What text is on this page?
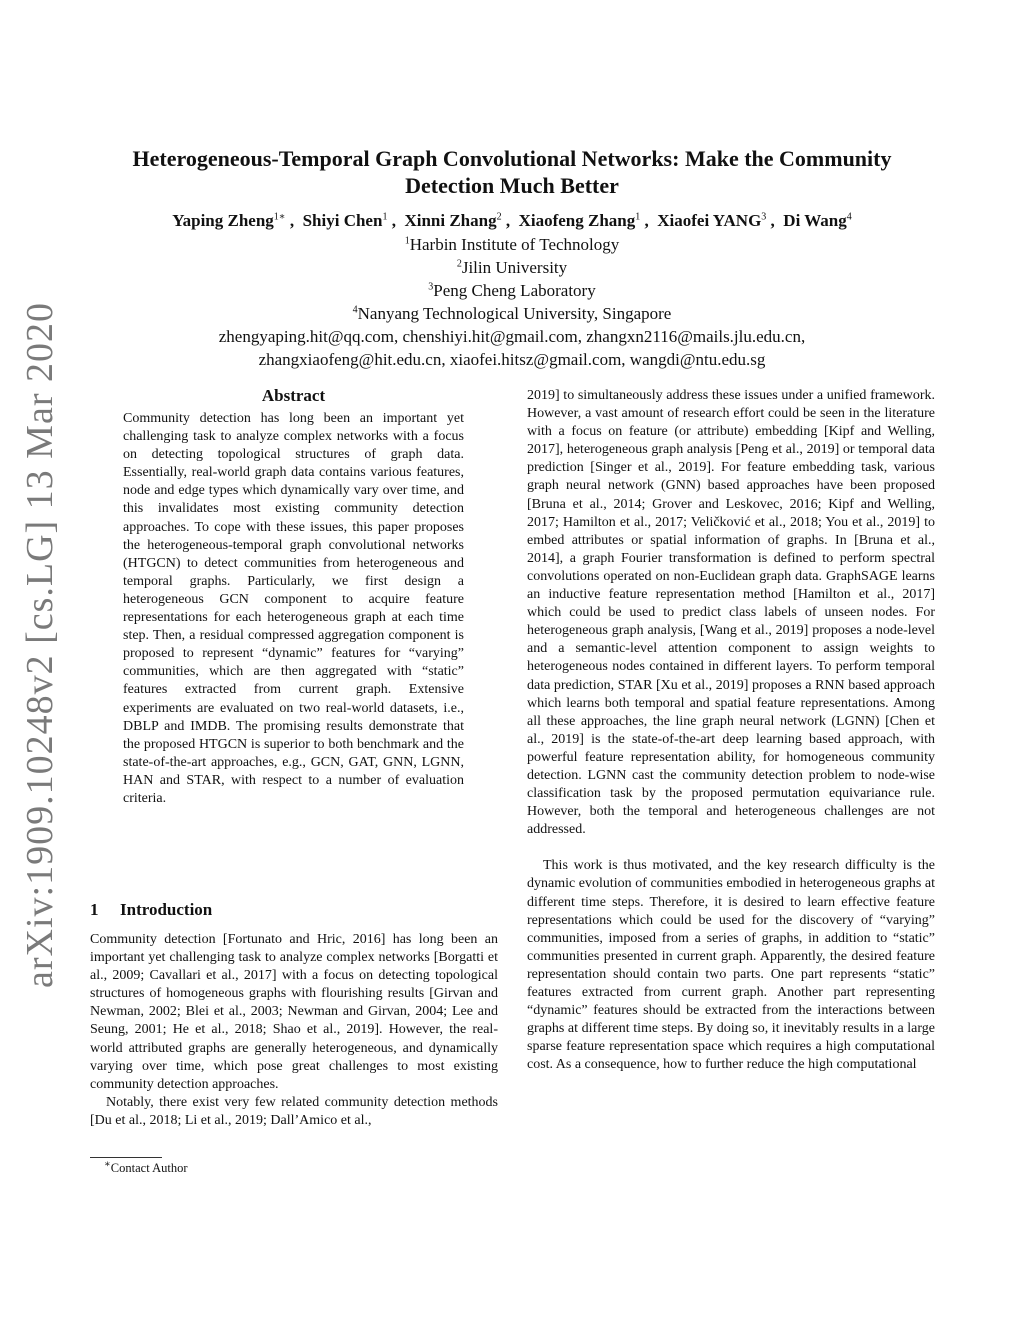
arXiv:1909.10248v2 [cs.LG] 13 Mar 2020
Heterogeneous-Temporal Graph Convolutional Networks: Make the Community Detection Much Better
Yaping Zheng$^{1∗}$ ,  Shiyi Chen$^1$ ,  Xinni Zhang$^2$ ,  Xiaofeng Zhang$^1$ ,  Xiaofei YANG$^3$ ,  Di Wang$^4$
$^1$Harbin Institute of Technology
$^2$Jilin University
$^3$Peng Cheng Laboratory
$^4$Nanyang Technological University, Singapore
zhengyaping.hit@qq.com, chenshiyi.hit@gmail.com, zhangxn2116@mails.jlu.edu.cn,
zhangxiaofeng@hit.edu.cn, xiaofei.hitsz@gmail.com, wangdi@ntu.edu.sg
Abstract
Community detection has long been an important yet challenging task to analyze complex networks with a focus on detecting topological structures of graph data. Essentially, real-world graph data contains various features, node and edge types which dynamically vary over time, and this invalidates most existing community detection approaches. To cope with these issues, this paper proposes the heterogeneous-temporal graph convolutional networks (HTGCN) to detect communities from heterogeneous and temporal graphs. Particularly, we first design a heterogeneous GCN component to acquire feature representations for each heterogeneous graph at each time step. Then, a residual compressed aggregation component is proposed to represent “dynamic” features for “varying” communities, which are then aggregated with “static” features extracted from current graph. Extensive experiments are evaluated on two real-world datasets, i.e., DBLP and IMDB. The promising results demonstrate that the proposed HTGCN is superior to both benchmark and the state-of-the-art approaches, e.g., GCN, GAT, GNN, LGNN, HAN and STAR, with respect to a number of evaluation criteria.
1 Introduction

Community detection [Fortunato and Hric, 2016] has long been an important yet challenging task to analyze complex networks [Borgatti et al., 2009; Cavallari et al., 2017] with a focus on detecting topological structures of homogeneous graphs with flourishing results [Girvan and Newman, 2002; Blei et al., 2003; Newman and Girvan, 2004; Lee and Seung, 2001; He et al., 2018; Shao et al., 2019]. However, the real-world attributed graphs are generally heterogeneous, and dynamically varying over time, which pose great challenges to most existing community detection approaches.

Notably, there exist very few related community detection methods [Du et al., 2018; Li et al., 2019; Dall’Amico et al.,

2019] to simultaneously address these issues under a unified framework. However, a vast amount of research effort could be seen in the literature with a focus on feature (or attribute) embedding [Kipf and Welling, 2017], heterogeneous graph analysis [Peng et al., 2019] or temporal data prediction [Singer et al., 2019]. For feature embedding task, various graph neural network (GNN) based approaches have been proposed [Bruna et al., 2014; Grover and Leskovec, 2016; Kipf and Welling, 2017; Hamilton et al., 2017; Veličković et al., 2018; You et al., 2019] to embed attributes or spatial information of graphs. In [Bruna et al., 2014], a graph Fourier transformation is defined to perform spectral convolutions operated on non-Euclidean graph data. GraphSAGE learns an inductive feature representation method [Hamilton et al., 2017] which could be used to predict class labels of unseen nodes. For heterogeneous graph analysis, [Wang et al., 2019] proposes a node-level and a semantic-level attention component to assign weights to heterogeneous nodes contained in different layers. To perform temporal data prediction, STAR [Xu et al., 2019] proposes a RNN based approach which learns both temporal and spatial feature representations. Among all these approaches, the line graph neural network (LGNN) [Chen et al., 2019] is the state-of-the-art deep learning based approach, with powerful feature representation ability, for homogeneous community detection. LGNN cast the community detection problem to node-wise classification task by the proposed permutation equivariance rule. However, both the temporal and heterogeneous challenges are not addressed.

This work is thus motivated, and the key research difficulty is the dynamic evolution of communities embodied in heterogeneous graphs at different time steps. Therefore, it is desired to learn effective feature representations which could be used for the discovery of “varying” communities, imposed from a series of graphs, in addition to “static” communities presented in current graph. Apparently, the desired feature representation should contain two parts. One part represents “static” features extracted from current graph. Another part representing “dynamic” features should be extracted from the interactions between graphs at different time steps. By doing so, it inevitably results in a large sparse feature representation space which requires a high computational cost. As a consequence, how to further reduce the high computational

∗Contact Author
